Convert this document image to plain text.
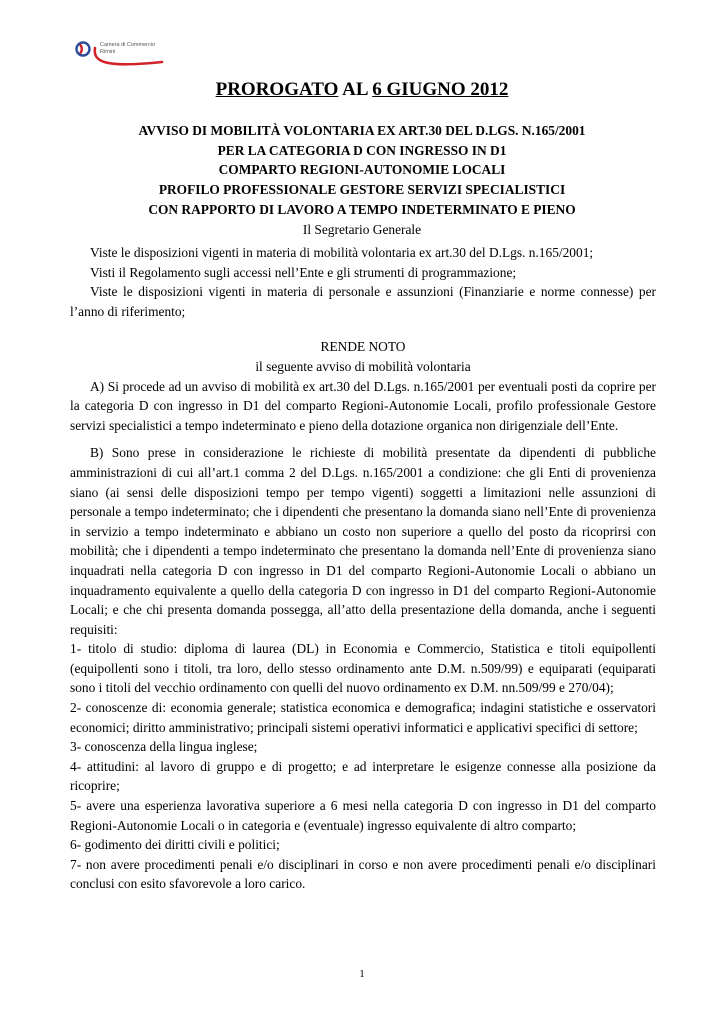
Camera di Commercio
Rimini
PROROGATO AL 6 GIUGNO 2012
AVVISO DI MOBILITÀ VOLONTARIA EX ART.30 DEL D.LGS. N.165/2001
PER LA CATEGORIA D CON INGRESSO IN D1
COMPARTO REGIONI-AUTONOMIE LOCALI
PROFILO PROFESSIONALE GESTORE SERVIZI SPECIALISTICI
CON RAPPORTO DI LAVORO A TEMPO INDETERMINATO E PIENO
Il Segretario Generale

Viste le disposizioni vigenti in materia di mobilità volontaria ex art.30 del D.Lgs. n.165/2001;

Visti il Regolamento sugli accessi nell’Ente e gli strumenti di programmazione;

Viste le disposizioni vigenti in materia di personale e assunzioni (Finanziarie e norme connesse) per l’anno di riferimento;

RENDE NOTO

il seguente avviso di mobilità volontaria

A) Si procede ad un avviso di mobilità ex art.30 del D.Lgs. n.165/2001 per eventuali posti da coprire per la categoria D con ingresso in D1 del comparto Regioni-Autonomie Locali, profilo professionale Gestore servizi specialistici a tempo indeterminato e pieno della dotazione organica non dirigenziale dell’Ente.

B) Sono prese in considerazione le richieste di mobilità presentate da dipendenti di pubbliche amministrazioni di cui all’art.1 comma 2 del D.Lgs. n.165/2001 a condizione: che gli Enti di provenienza siano (ai sensi delle disposizioni tempo per tempo vigenti) soggetti a limitazioni nelle assunzioni di personale a tempo indeterminato; che i dipendenti che presentano la domanda siano nell’Ente di provenienza in servizio a tempo indeterminato e abbiano un costo non superiore a quello del posto da ricoprirsi con mobilità; che i dipendenti a tempo indeterminato che presentano la domanda nell’Ente di provenienza siano inquadrati nella categoria D con ingresso in D1 del comparto Regioni-Autonomie Locali o abbiano un inquadramento equivalente a quello della categoria D con ingresso in D1 del comparto Regioni-Autonomie Locali; e che chi presenta domanda possegga, all’atto della presentazione della domanda, anche i seguenti requisiti:

1- titolo di studio: diploma di laurea (DL) in Economia e Commercio, Statistica e titoli equipollenti (equipollenti sono i titoli, tra loro, dello stesso ordinamento ante D.M. n.509/99) e equiparati (equiparati sono i titoli del vecchio ordinamento con quelli del nuovo ordinamento ex D.M. nn.509/99 e 270/04);

2- conoscenze di: economia generale; statistica economica e demografica; indagini statistiche e osservatori economici; diritto amministrativo; principali sistemi operativi informatici e applicativi specifici di settore;

3- conoscenza della lingua inglese;

4- attitudini: al lavoro di gruppo e di progetto; e ad interpretare le esigenze connesse alla posizione da ricoprire;

5- avere una esperienza lavorativa superiore a 6 mesi nella categoria D con ingresso in D1 del comparto Regioni-Autonomie Locali o in categoria e (eventuale) ingresso equivalente di altro comparto;

6- godimento dei diritti civili e politici;

7- non avere procedimenti penali e/o disciplinari in corso e non avere procedimenti penali e/o disciplinari conclusi con esito sfavorevole a loro carico.

1
